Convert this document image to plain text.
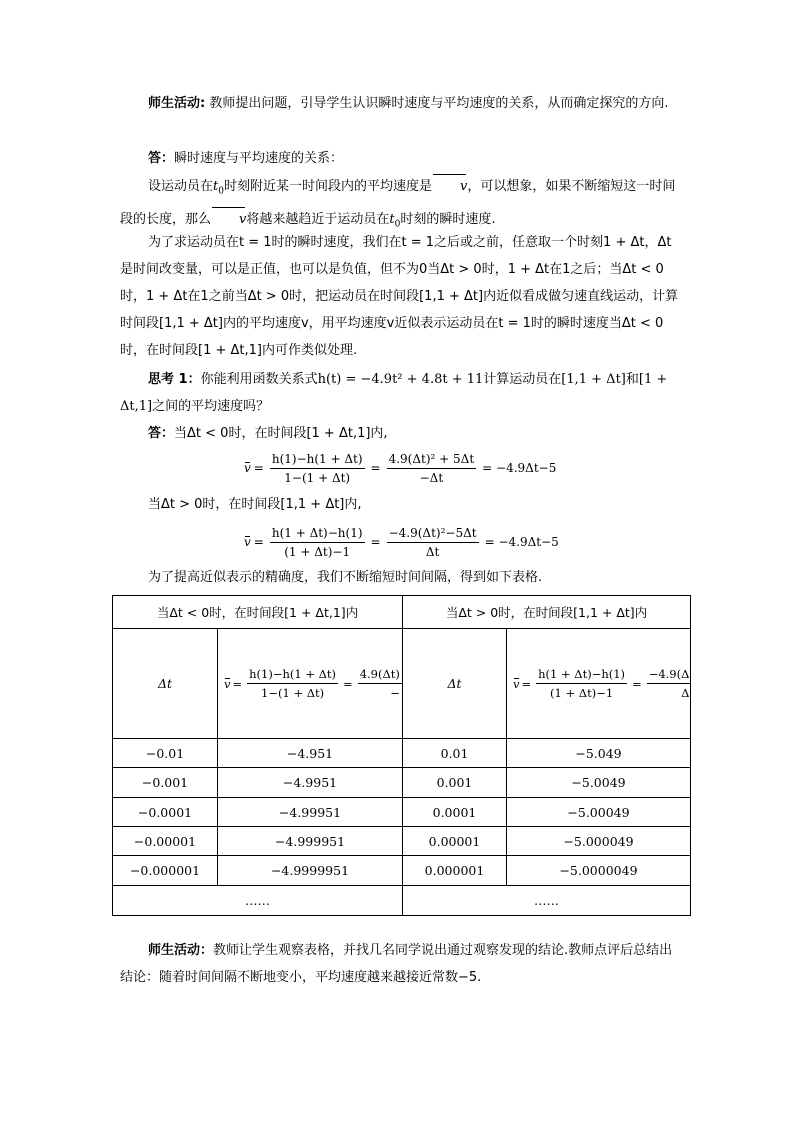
师生活动: 教师提出问题，引导学生认识瞬时速度与平均速度的关系，从而确定探究的方向.

答：瞬时速度与平均速度的关系：

设运动员在$t_0$时刻附近某一时间段内的平均速度是 v，可以想象，如果不断缩短这一时间段的长度，那么 v将越来越趋近于运动员在$t_0$时刻的瞬时速度.

为了求运动员在t = 1时的瞬时速度，我们在t = 1之后或之前，任意取一个时刻1 + Δt，Δt是时间改变量，可以是正值，也可以是负值，但不为0当Δt > 0时，1 + Δt在1之后；当Δt < 0时，1 + Δt在1之前当Δt > 0时，把运动员在时间段[1,1 + Δt]内近似看成做匀速直线运动，计算时间段[1,1 + Δt]内的平均速度v，用平均速度v近似表示运动员在t = 1时的瞬时速度当Δt < 0时，在时间段[1 + Δt,1]内可作类似处理.

思考 1：你能利用函数关系式h(t) = −4.9t² + 4.8t + 11计算运动员在[1,1 + Δt]和[1 + Δt,1]之间的平均速度吗？

答：当Δt < 0时，在时间段[1 + Δt,1]内,

$v = \frac{h(1)-h(1 + \Delta t)}{1-(1 + \Delta t)} = \frac{\text{4.9(Δt)² + 5Δt}}{-\Delta t} = -4.9\Delta t-5$

当Δt > 0时，在时间段[1,1 + Δt]内,

$v = \frac{h(1 + \Delta t)-h(1)}{(1 + \Delta t)-1} = \frac{\text{−4.9(Δt)²−5Δt}}{\Delta t} = -4.9\Delta t-5$

为了提高近似表示的精确度，我们不断缩短时间间隔，得到如下表格.

当Δt < 0时，在时间段[1 + Δt,1]内	当Δt > 0时，在时间段[1,1 + Δt]内
Δt	$v = \frac{h(1)-h(1 + \Delta t)}{1-(1 + \Delta t)} = \frac{4.9(\Delta t)}{-}$	Δt	$v = \frac{h(1 + \Delta t)-h(1)}{(1 + \Delta t)-1} = \frac{-4.9(\Delta}{\Delta}$
−0.01	−4.951	0.01	−5.049
−0.001	−4.9951	0.001	−5.0049
−0.0001	−4.99951	0.0001	−5.00049
−0.00001	−4.999951	0.00001	−5.000049
−0.000001	−4.9999951	0.000001	−5.0000049
……	……

师生活动：教师让学生观察表格，并找几名同学说出通过观察发现的结论.教师点评后总结出结论：随着时间间隔不断地变小，平均速度越来越接近常数−5.
